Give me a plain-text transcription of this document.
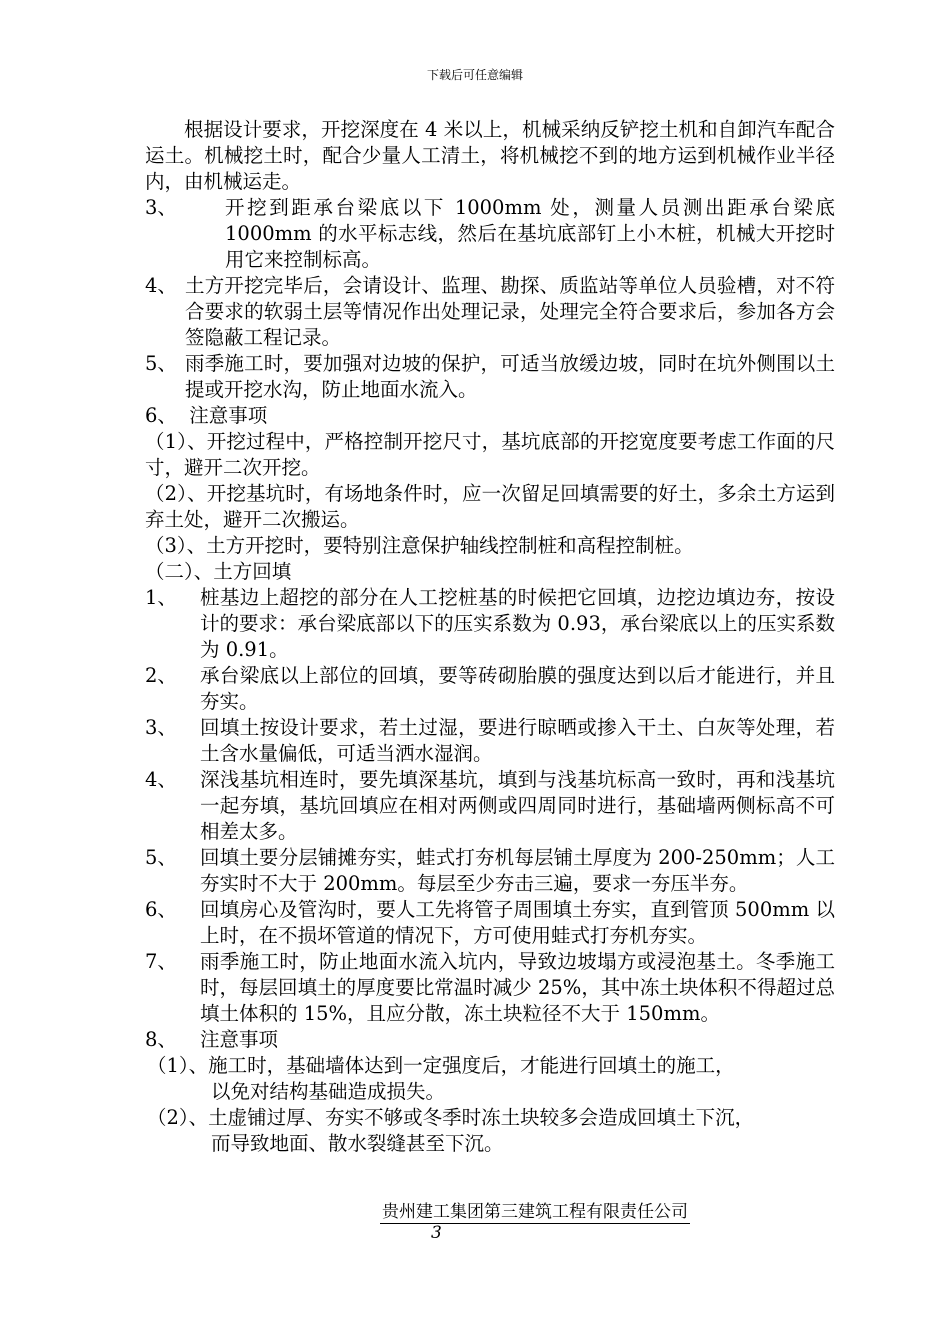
下载后可任意编辑

根据设计要求，开挖深度在 4 米以上，机械采纳反铲挖土机和自卸汽车配合运土。机械挖土时，配合少量人工清土，将机械挖不到的地方运到机械作业半径内，由机械运走。

3、	开挖到距承台梁底以下 1000mm 处，测量人员测出距承台梁底 1000mm 的水平标志线，然后在基坑底部钉上小木桩，机械大开挖时用它来控制标高。
4、 土方开挖完毕后，会请设计、监理、勘探、质监站等单位人员验槽，对不符合要求的软弱土层等情况作出处理记录，处理完全符合要求后，参加各方会签隐蔽工程记录。
5、 雨季施工时，要加强对边坡的保护，可适当放缓边坡，同时在坑外侧围以土提或开挖水沟，防止地面水流入。

6、  注意事项

（1）、开挖过程中，严格控制开挖尺寸，基坑底部的开挖宽度要考虑工作面的尺寸，避开二次开挖。

（2）、开挖基坑时，有场地条件时，应一次留足回填需要的好土，多余土方运到弃土处，避开二次搬运。

（3）、土方开挖时，要特别注意保护轴线控制桩和高程控制桩。

（二）、土方回填

1、	桩基边上超挖的部分在人工挖桩基的时候把它回填，边挖边填边夯，按设计的要求：承台梁底部以下的压实系数为 0.93，承台梁底以上的压实系数为 0.91。
2、	承台梁底以上部位的回填，要等砖砌胎膜的强度达到以后才能进行，并且夯实。
3、	回填土按设计要求，若土过湿，要进行晾晒或掺入干土、白灰等处理，若土含水量偏低，可适当洒水湿润。
4、	深浅基坑相连时，要先填深基坑，填到与浅基坑标高一致时，再和浅基坑一起夯填，基坑回填应在相对两侧或四周同时进行，基础墙两侧标高不可相差太多。
5、	回填土要分层铺摊夯实，蛙式打夯机每层铺土厚度为 200-250mm；人工夯实时不大于 200mm。每层至少夯击三遍，要求一夯压半夯。
6、	回填房心及管沟时，要人工先将管子周围填土夯实，直到管顶 500mm 以上时，在不损坏管道的情况下，方可使用蛙式打夯机夯实。
7、	雨季施工时，防止地面水流入坑内，导致边坡塌方或浸泡基土。冬季施工时，每层回填土的厚度要比常温时减少 25%，其中冻土块体积不得超过总填土体积的 15%，且应分散，冻土块粒径不大于 150mm。
8、	注意事项
（1）、施工时，基础墙体达到一定强度后，才能进行回填土的施工，
以免对结构基础造成损失。
（2）、土虚铺过厚、夯实不够或冬季时冻土块较多会造成回填土下沉，
而导致地面、散水裂缝甚至下沉。
贵州建工集团第三建筑工程有限责任公司
3
